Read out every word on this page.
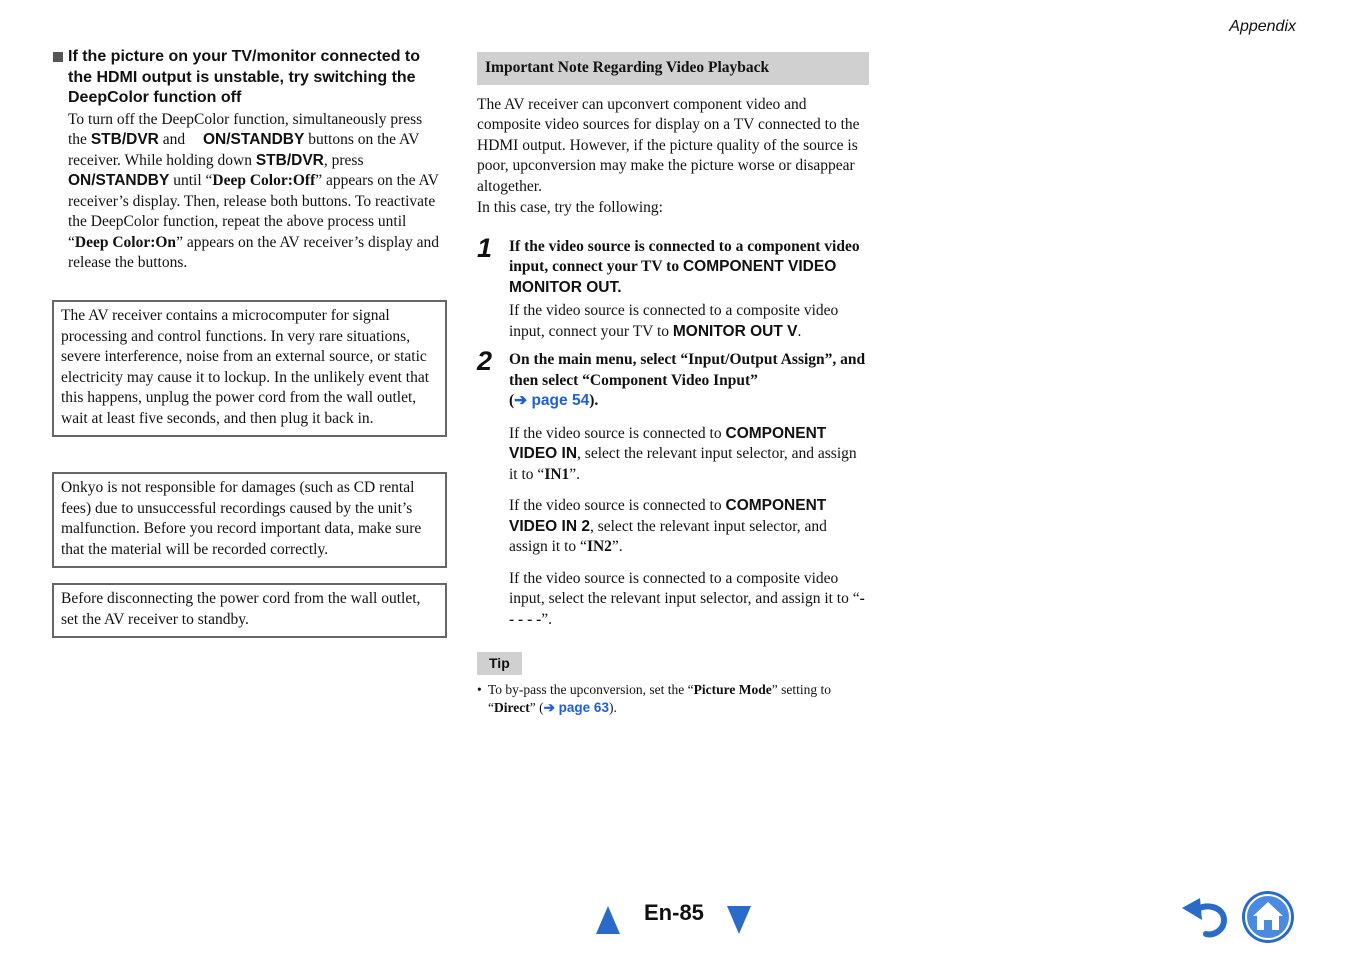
Appendix
If the picture on your TV/monitor connected to the HDMI output is unstable, try switching the DeepColor function off
To turn off the DeepColor function, simultaneously press the STB/DVR and ON/STANDBY buttons on the AV receiver. While holding down STB/DVR, press ON/STANDBY until “Deep Color:Off” appears on the AV receiver’s display. Then, release both buttons. To reactivate the DeepColor function, repeat the above process until “Deep Color:On” appears on the AV receiver’s display and release the buttons.
The AV receiver contains a microcomputer for signal processing and control functions. In very rare situations, severe interference, noise from an external source, or static electricity may cause it to lockup. In the unlikely event that this happens, unplug the power cord from the wall outlet, wait at least five seconds, and then plug it back in.
Onkyo is not responsible for damages (such as CD rental fees) due to unsuccessful recordings caused by the unit’s malfunction. Before you record important data, make sure that the material will be recorded correctly.
Before disconnecting the power cord from the wall outlet, set the AV receiver to standby.
Important Note Regarding Video Playback
The AV receiver can upconvert component video and composite video sources for display on a TV connected to the HDMI output. However, if the picture quality of the source is poor, upconversion may make the picture worse or disappear altogether.
In this case, try the following:
1 If the video source is connected to a component video input, connect your TV to COMPONENT VIDEO MONITOR OUT.

If the video source is connected to a composite video input, connect your TV to MONITOR OUT V.

2 On the main menu, select “Input/Output Assign”, and then select “Component Video Input”
(➔ page 54).

If the video source is connected to COMPONENT VIDEO IN, select the relevant input selector, and assign it to “IN1”.

If the video source is connected to COMPONENT VIDEO IN 2, select the relevant input selector, and assign it to “IN2”.

If the video source is connected to a composite video input, select the relevant input selector, and assign it to “- - - - -”.

Tip
• To by-pass the upconversion, set the “Picture Mode” setting to “Direct” (➔ page 63).
En-85
